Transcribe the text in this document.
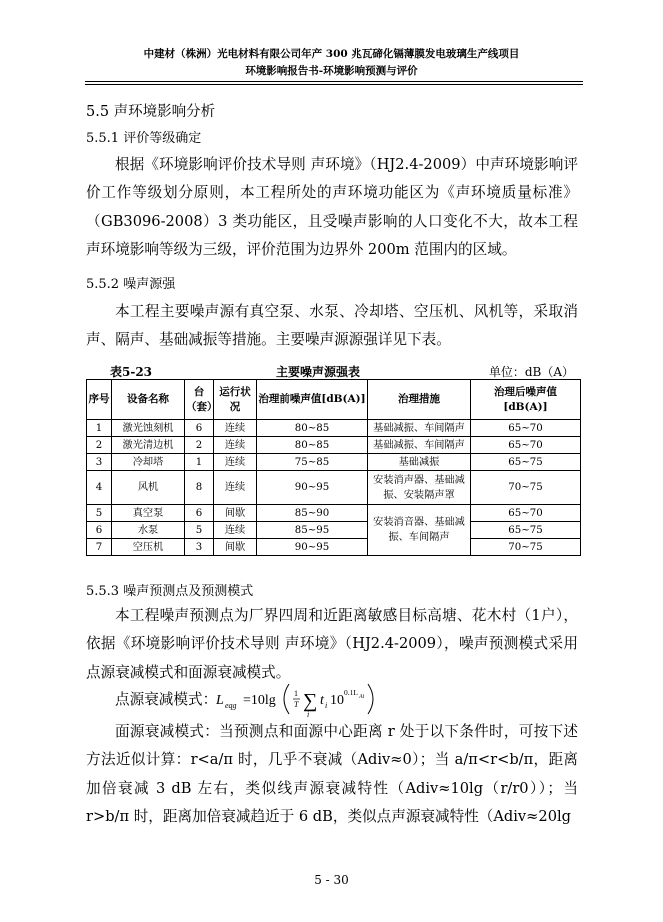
中建材（株洲）光电材料有限公司年产 300 兆瓦碲化镉薄膜发电玻璃生产线项目
环境影响报告书-环境影响预测与评价
5.5 声环境影响分析
5.5.1 评价等级确定

根据《环境影响评价技术导则 声环境》（HJ2.4-2009）中声环境影响评价工作等级划分原则，本工程所处的声环境功能区为《声环境质量标准》（GB3096-2008）3 类功能区，且受噪声影响的人口变化不大，故本工程声环境影响等级为三级，评价范围为边界外 200m 范围内的区域。

5.5.2 噪声源强

本工程主要噪声源有真空泵、水泵、冷却塔、空压机、风机等，采取消声、隔声、基础减振等措施。主要噪声源源强详见下表。

表5-23	主要噪声源强表	单位：dB（A）
序号	设备名称	台（套）	运行状况	治理前噪声值[dB(A)]	治理措施	治理后噪声值[dB(A)]
1	激光蚀刻机	6	连续	80~85	基础减振、车间隔声	65~70
2	激光清边机	2	连续	80~85	基础减振、车间隔声	65~70
3	冷却塔	1	连续	75~85	基础减振	65~75
4	风机	8	连续	90~95	安装消声器、基础减振、安装隔声罩	70~75
5	真空泵	6	间歇	85~90	安装消音器、基础减振、车间隔声	65~70
6	水泵	5	连续	85~95		65~75
7	空压机	3	间歇	90~95		70~75
5.5.3 噪声预测点及预测模式

本工程噪声预测点为厂界四周和近距离敏感目标高塘、花木村（1户），依据《环境影响评价技术导则 声环境》（HJ2.4-2009），噪声预测模式采用点源衰减模式和面源衰减模式。

点源衰减模式：
L eqg =10lg 1
T ∑
i
t i 10
0.1L Ai

面源衰减模式：当预测点和面源中心距离 r 处于以下条件时，可按下述方法近似计算：r<a/π 时，几乎不衰减（Adiv≈0）；当 a/π<r<b/π，距离加倍衰减 3 dB 左右，类似线声源衰减特性（Adiv≈10lg（r/r0））；当 r>b/π 时，距离加倍衰减趋近于 6 dB，类似点声源衰减特性（Adiv≈20lg

5 - 30
